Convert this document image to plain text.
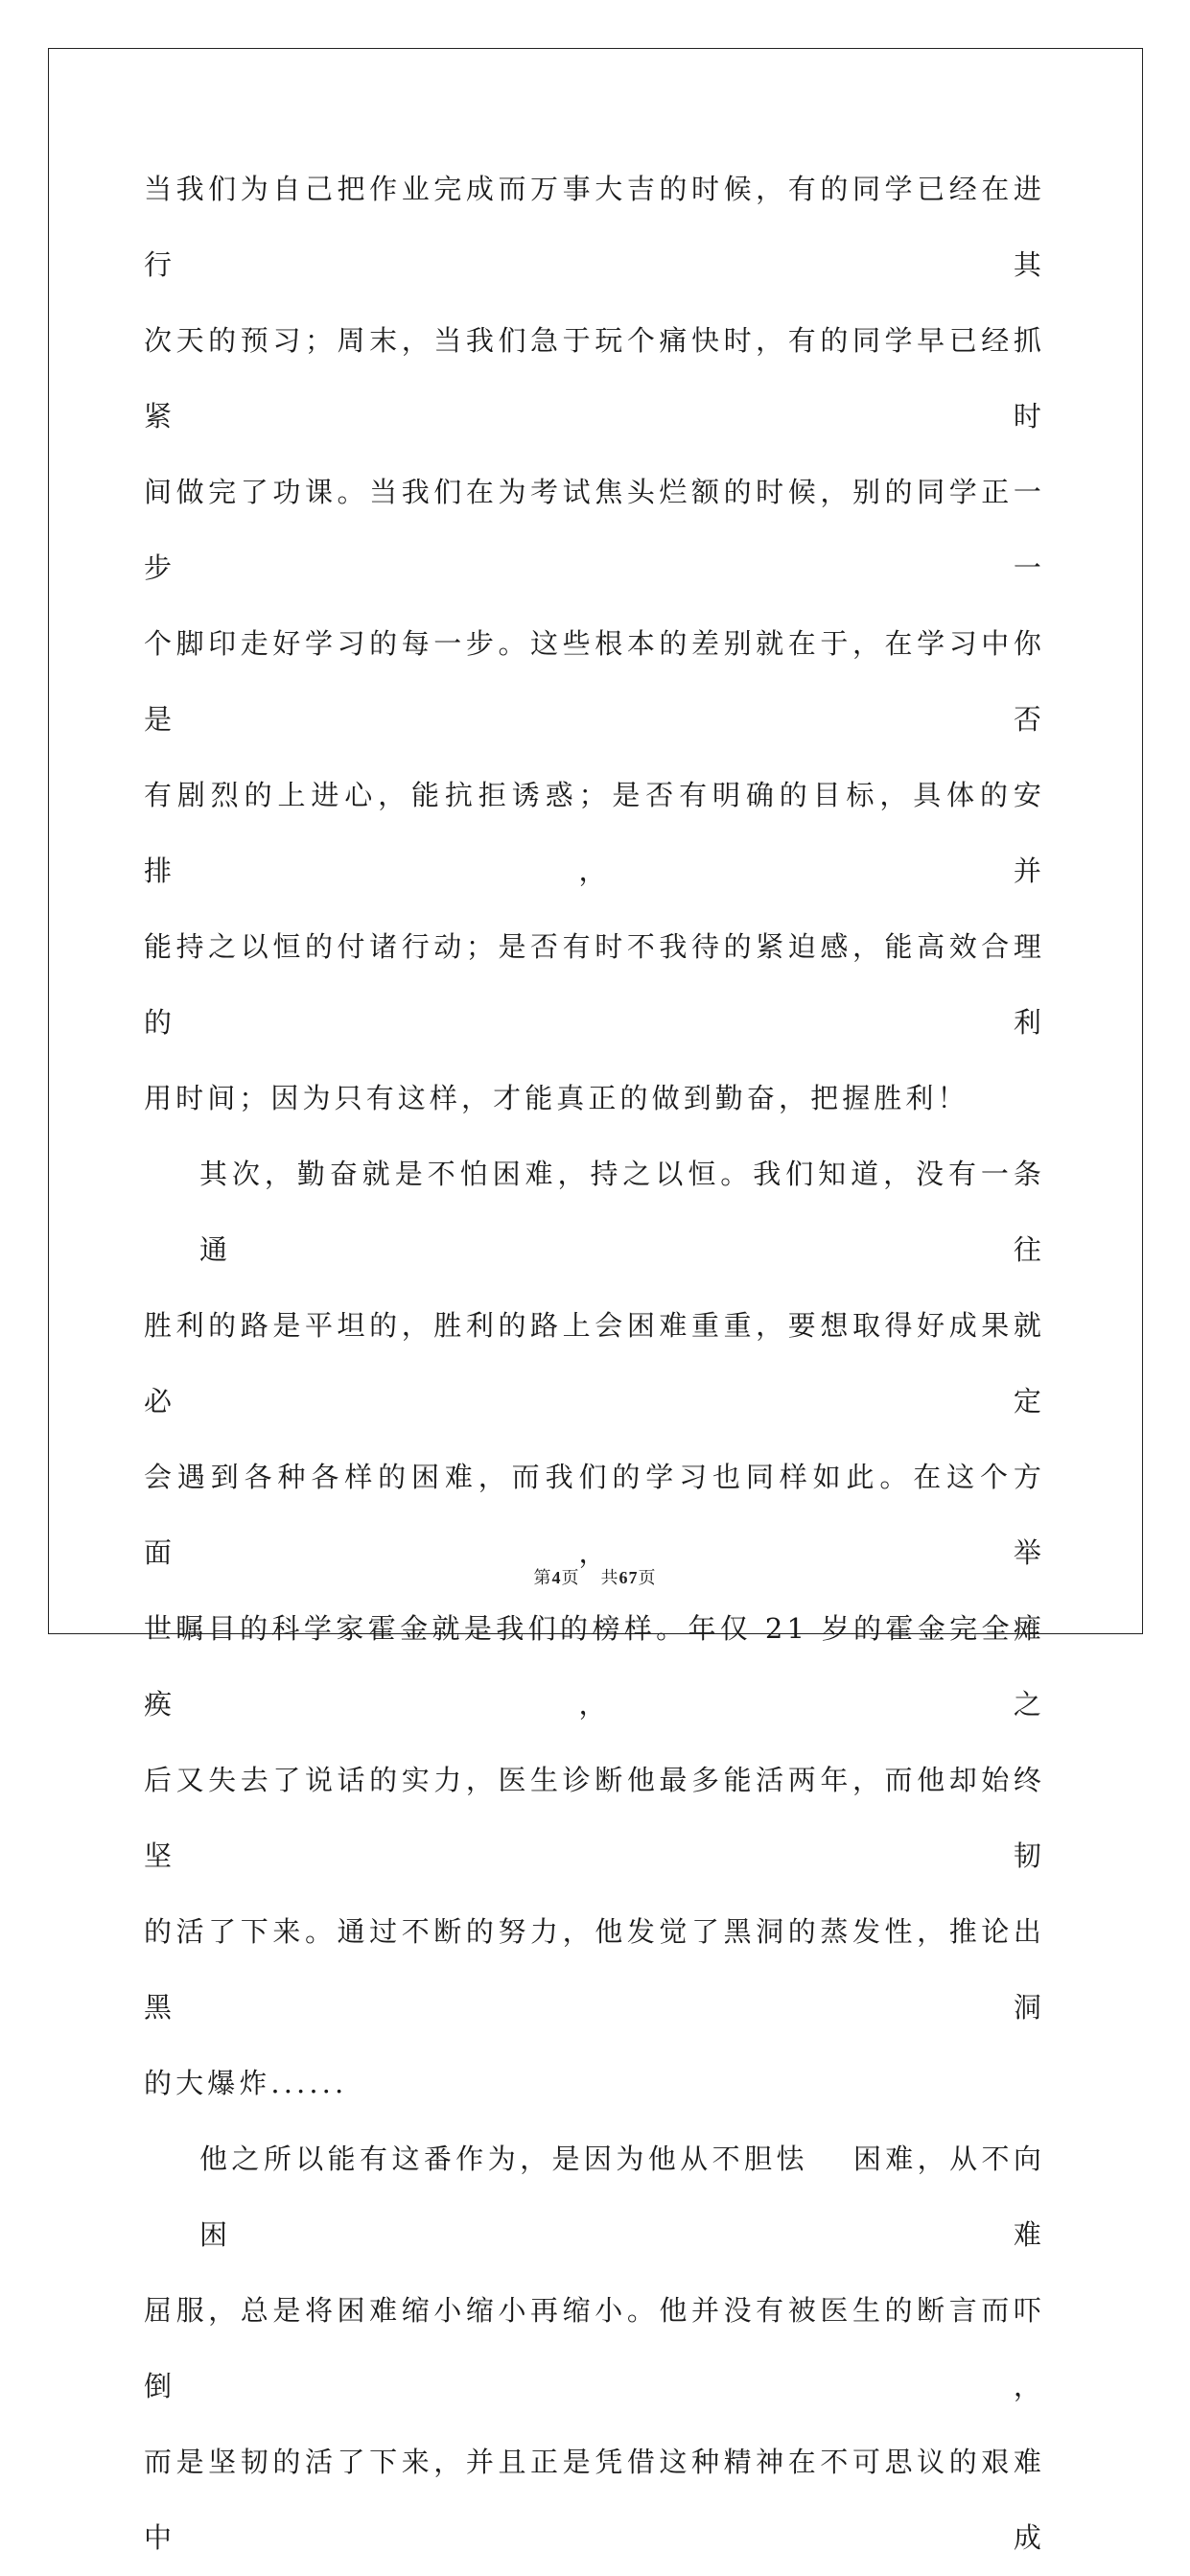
当我们为自己把作业完成而万事大吉的时候，有的同学已经在进行其
次天的预习；周末，当我们急于玩个痛快时，有的同学早已经抓紧时
间做完了功课。当我们在为考试焦头烂额的时候，别的同学正一步一
个脚印走好学习的每一步。这些根本的差别就在于，在学习中你是否
有剧烈的上进心，能抗拒诱惑；是否有明确的目标，具体的安排，并
能持之以恒的付诸行动；是否有时不我待的紧迫感，能高效合理的利
用时间；因为只有这样，才能真正的做到勤奋，把握胜利！

其次，勤奋就是不怕困难，持之以恒。我们知道，没有一条通往
胜利的路是平坦的，胜利的路上会困难重重，要想取得好成果就必定
会遇到各种各样的困难，而我们的学习也同样如此。在这个方面，举
世瞩目的科学家霍金就是我们的榜样。年仅 21 岁的霍金完全瘫痪，之
后又失去了说话的实力，医生诊断他最多能活两年，而他却始终坚韧
的活了下来。通过不断的努力，他发觉了黑洞的蒸发性，推论出黑洞
的大爆炸......

他之所以能有这番作为，是因为他从不胆怯　 困难，从不向困难
屈服，总是将困难缩小缩小再缩小。他并没有被医生的断言而吓倒，
而是坚韧的活了下来，并且正是凭借这种精神在不可思议的艰难中成

第4页 共67页
